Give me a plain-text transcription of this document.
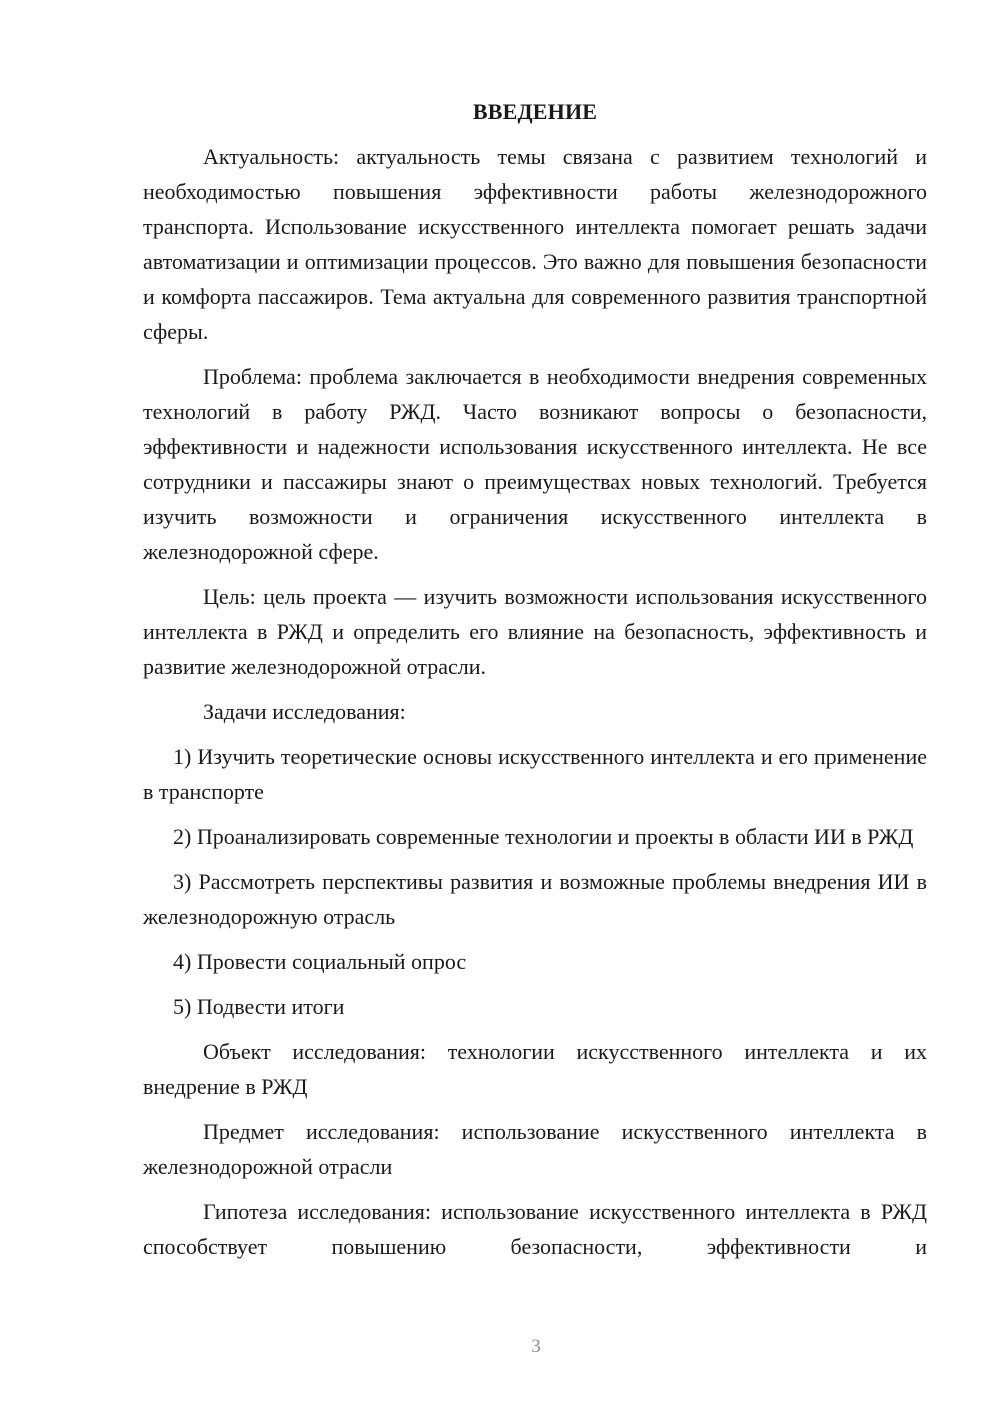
ВВЕДЕНИЕ

Актуальность: актуальность темы связана с развитием технологий и необходимостью повышения эффективности работы железнодорожного транспорта. Использование искусственного интеллекта помогает решать задачи автоматизации и оптимизации процессов. Это важно для повышения безопасности и комфорта пассажиров. Тема актуальна для современного развития транспортной сферы.

Проблема: проблема заключается в необходимости внедрения современных технологий в работу РЖД. Часто возникают вопросы о безопасности, эффективности и надежности использования искусственного интеллекта. Не все сотрудники и пассажиры знают о преимуществах новых технологий. Требуется изучить возможности и ограничения искусственного интеллекта в железнодорожной сфере.

Цель: цель проекта — изучить возможности использования искусственного интеллекта в РЖД и определить его влияние на безопасность, эффективность и развитие железнодорожной отрасли.

Задачи исследования:

1) Изучить теоретические основы искусственного интеллекта и его применение в транспорте

2) Проанализировать современные технологии и проекты в области ИИ в РЖД

3) Рассмотреть перспективы развития и возможные проблемы внедрения ИИ в железнодорожную отрасль

4) Провести социальный опрос

5) Подвести итоги

Объект исследования: технологии искусственного интеллекта и их внедрение в РЖД

Предмет исследования: использование искусственного интеллекта в железнодорожной отрасли

Гипотеза исследования: использование искусственного интеллекта в РЖД способствует повышению безопасности, эффективности и

3
